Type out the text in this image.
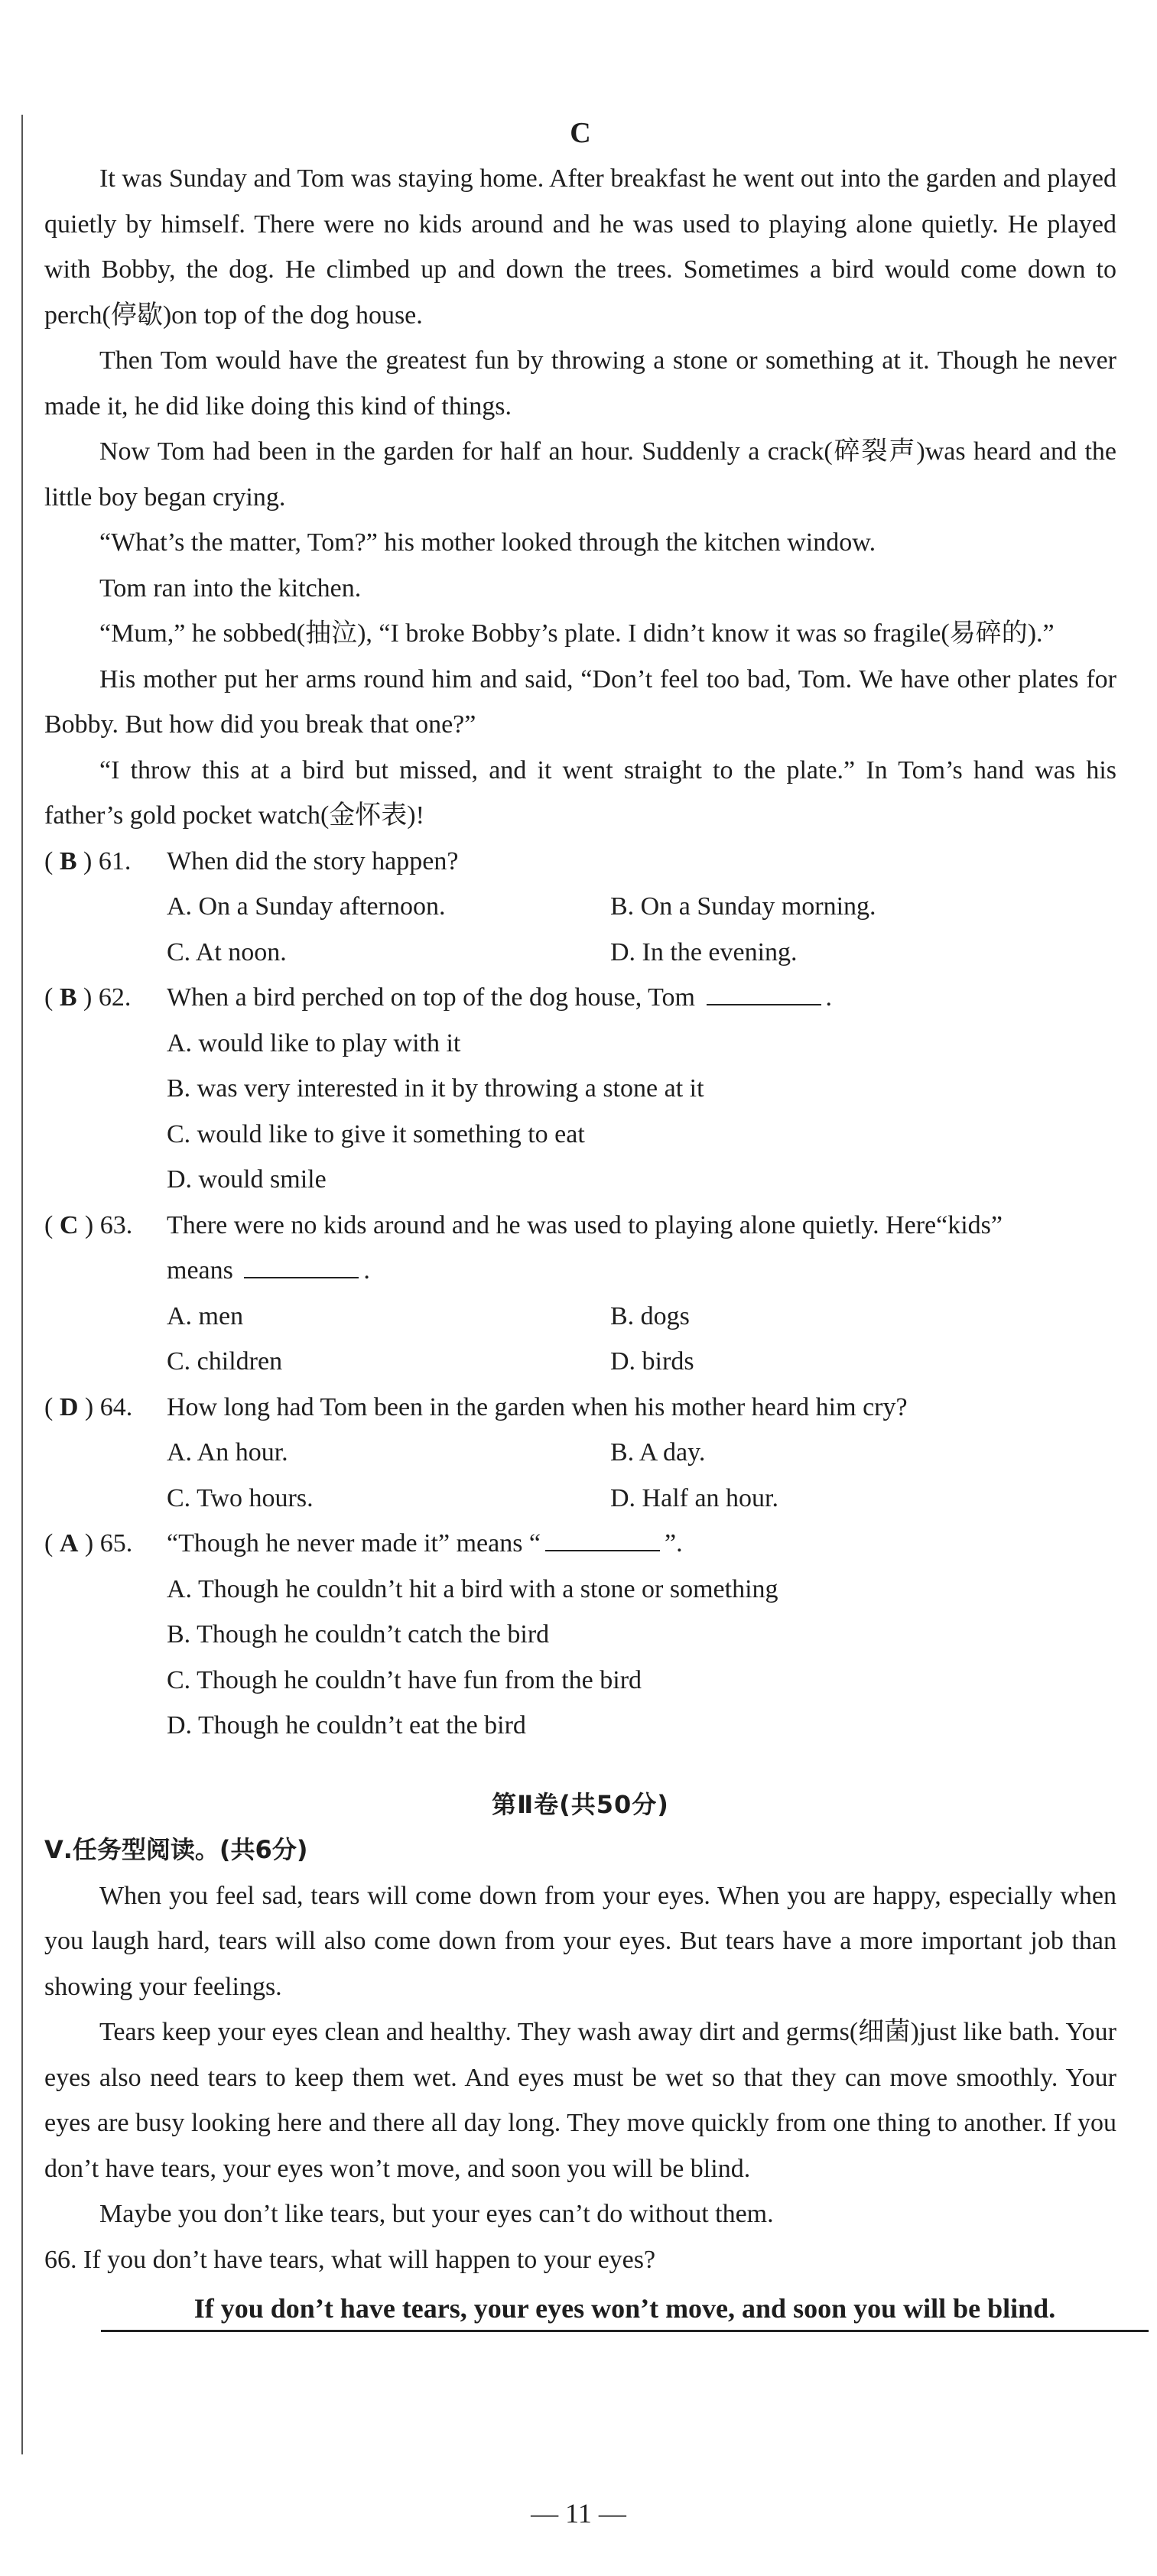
C

It was Sunday and Tom was staying home. After breakfast he went out into the garden and played quietly by himself. There were no kids around and he was used to playing alone quietly. He played with Bobby, the dog. He climbed up and down the trees. Sometimes a bird would come down to perch(停歇)on top of the dog house.

Then Tom would have the greatest fun by throwing a stone or something at it. Though he never made it, he did like doing this kind of things.

Now Tom had been in the garden for half an hour. Suddenly a crack(碎裂声)was heard and the little boy began crying.

“What’s the matter, Tom?” his mother looked through the kitchen window.

Tom ran into the kitchen.

“Mum,” he sobbed(抽泣), “I broke Bobby’s plate. I didn’t know it was so fragile(易碎的).”

His mother put her arms round him and said, “Don’t feel too bad, Tom. We have other plates for Bobby. But how did you break that one?”

“I throw this at a bird but missed, and it went straight to the plate.” In Tom’s hand was his father’s gold pocket watch(金怀表)!

( B ) 61.	When did the story happen?
A. On a Sunday afternoon.	B. On a Sunday morning.
C. At noon.	D. In the evening.
( B ) 62.	When a bird perched on top of the dog house, Tom	.
A. would like to play with it
B. was very interested in it by throwing a stone at it
C. would like to give it something to eat
D. would smile
( C ) 63.	There were no kids around and he was used to playing alone quietly. Here“kids”
means	.
A. men	B. dogs
C. children	D. birds
( D ) 64.	How long had Tom been in the garden when his mother heard him cry?
A. An hour.	B. A day.
C. Two hours.	D. Half an hour.
( A ) 65.	“Though he never made it” means “	”.
A. Though he couldn’t hit a bird with a stone or something
B. Though he couldn’t catch the bird
C. Though he couldn’t have fun from the bird
D. Though he couldn’t eat the bird

第Ⅱ卷(共50分)

Ⅴ.任务型阅读。(共6分)

When you feel sad, tears will come down from your eyes. When you are happy, especially when you laugh hard, tears will also come down from your eyes. But tears have a more important job than showing your feelings.

Tears keep your eyes clean and healthy. They wash away dirt and germs(细菌)just like bath. Your eyes also need tears to keep them wet. And eyes must be wet so that they can move smoothly. Your eyes are busy looking here and there all day long. They move quickly from one thing to another. If you don’t have tears, your eyes won’t move, and soon you will be blind.

Maybe you don’t like tears, but your eyes can’t do without them.

66. If you don’t have tears, what will happen to your eyes?

If you don’t have tears, your eyes won’t move, and soon you will be blind.

— 11 —
